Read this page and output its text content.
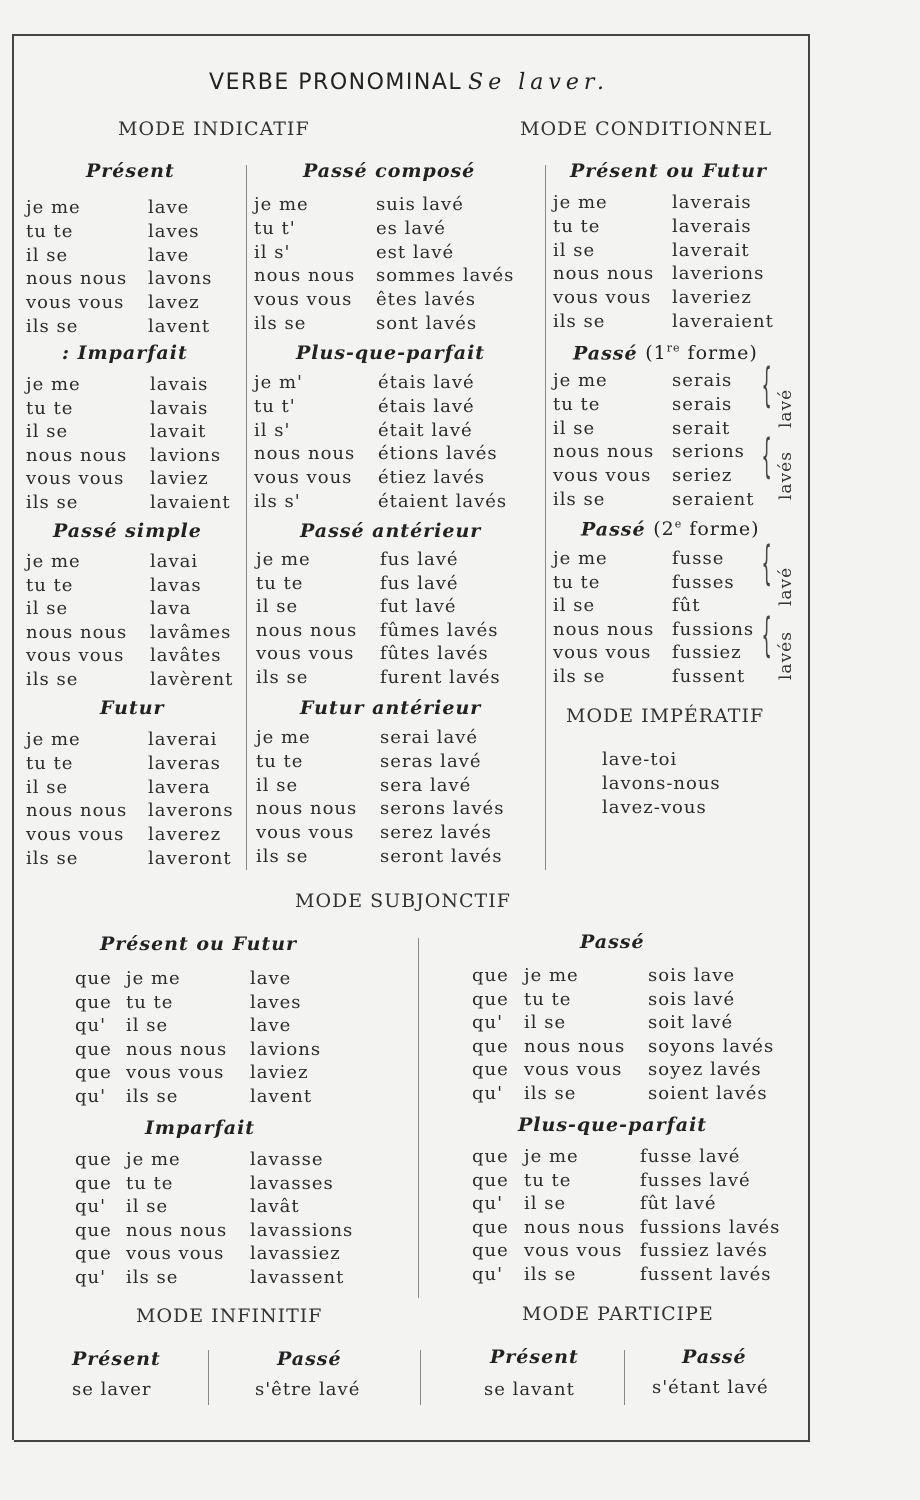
VERBE PRONOMINAL Se laver.
MODE INDICATIF	MODE CONDITIONNEL
Présent
je me	lave
tu te	laves
il se	lave
nous nous lavons
vous vous lavez
ils se	lavent
Passé composé
je me	suis lavé
tu t'	es lavé
il s'	est lavé
nous nous sommes lavés
vous vous êtes lavés
ils se	sont lavés
: Imparfait
je me	lavais
tu te	lavais
il se	lavait
nous nous lavions
vous vous laviez
ils se	lavaient
Plus-que-parfait
je m'	étais lavé
tu t'	étais lavé
il s'	était lavé
nous nous étions lavés
vous vous étiez lavés
ils s'	étaient lavés
Passé simple
je me	lavai
tu te	lavas
il se	lava
nous nous lavâmes
vous vous lavâtes
ils se	lavèrent
Passé antérieur
je me	fus lavé
tu te	fus lavé
il se	fut lavé
nous nous fûmes lavés
vous vous fûtes lavés
ils se	furent lavés
Futur
je me	laverai
tu te	laveras
il se	lavera
nous nous laverons
vous vous laverez
ils se	laveront
Futur antérieur
je me	serai lavé
tu te	seras lavé
il se	sera lavé
nous nous serons lavés
vous vous serez lavés
ils se	seront lavés
Présent ou Futur
je me	laverais
tu te	laverais
il se	laverait
nous nous laverions
vous vous laveriez
ils se	laveraient
Passé (1re forme)
je me	serais
tu te	serais
il se	serait
nous nous serions
vous vous seriez
ils se	seraient
{
{
lavé
lavés
Passé (2e forme)
je me	fusse
tu te	fusses
il se	fût
nous nous fussions
vous vous fussiez
ils se	fussent
{
{
lavé
lavés
MODE IMPÉRATIF
lave-toi
lavons-nous
lavez-vous
MODE SUBJONCTIF
Présent ou Futur
que je me	lave
que tu te	laves
qu' il se	lave
que nous nous lavions
que vous vous laviez
qu' ils se	lavent
Passé
que je me	sois lave
que tu te	sois lavé
qu' il se	soit lavé
que nous nous soyons lavés
que vous vous soyez lavés
qu' ils se	soient lavés
Imparfait
que je me	lavasse
que tu te	lavasses
qu' il se	lavât
que nous nous lavassions
que vous vous lavassiez
qu' ils se	lavassent
Plus-que-parfait
que je me	fusse lavé
que tu te	fusses lavé
qu' il se	fût lavé
que nous nous fussions lavés
que vous vous fussiez lavés
qu' ils se	fussent lavés
MODE INFINITIF	MODE PARTICIPE
Présent
se laver
Passé
s'être lavé
Présent
se lavant
Passé
s'étant lavé
